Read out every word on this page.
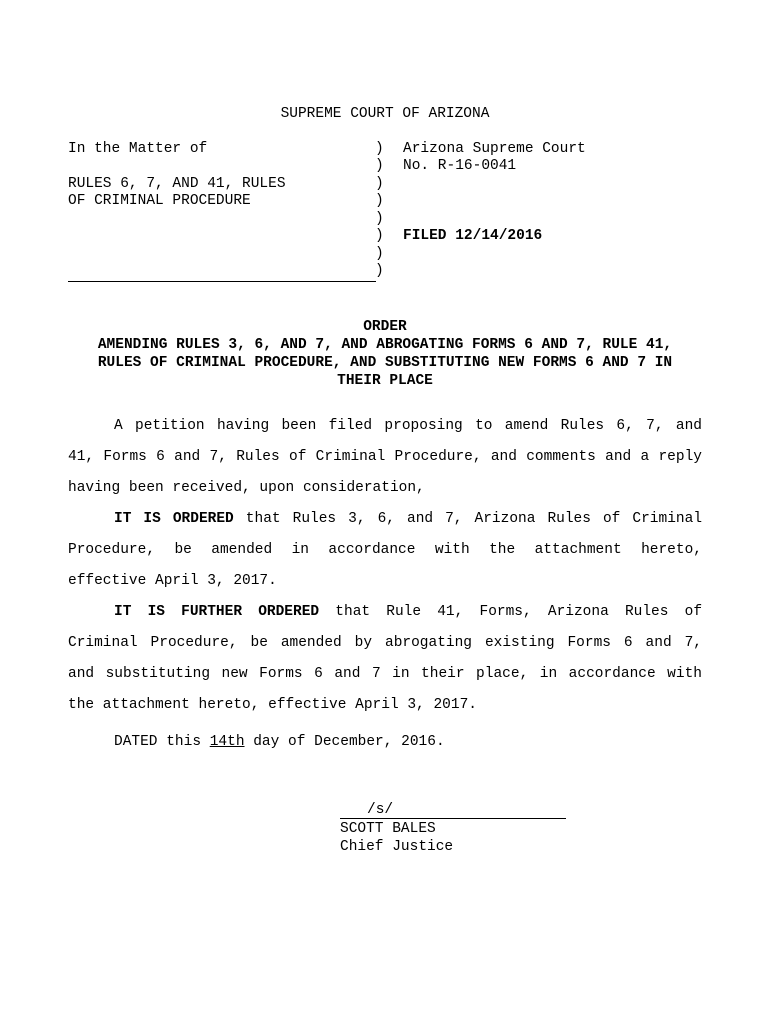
SUPREME COURT OF ARIZONA
In the Matter of
RULES 6, 7, AND 41, RULES
OF CRIMINAL PROCEDURE
)
)
)
)
)
)
)
)
Arizona Supreme Court
No. R-16-0041
FILED 12/14/2016
ORDER
AMENDING RULES 3, 6, AND 7, AND ABROGATING FORMS 6 AND 7, RULE 41,
RULES OF CRIMINAL PROCEDURE, AND SUBSTITUTING NEW FORMS 6 AND 7 IN
THEIR PLACE
A petition having been filed proposing to amend Rules 6, 7, and
41, Forms 6 and 7, Rules of Criminal Procedure, and comments and a reply
having been received, upon consideration,
IT IS ORDERED that Rules 3, 6, and 7, Arizona Rules of Criminal
Procedure, be amended in accordance with the attachment hereto,
effective April 3, 2017.
IT IS FURTHER ORDERED that Rule 41, Forms, Arizona Rules of
Criminal Procedure, be amended by abrogating existing Forms 6 and 7,
and substituting new Forms 6 and 7 in their place, in accordance with
the attachment hereto, effective April 3, 2017.
DATED this 14th day of December, 2016.
/s/
SCOTT BALES
Chief Justice
